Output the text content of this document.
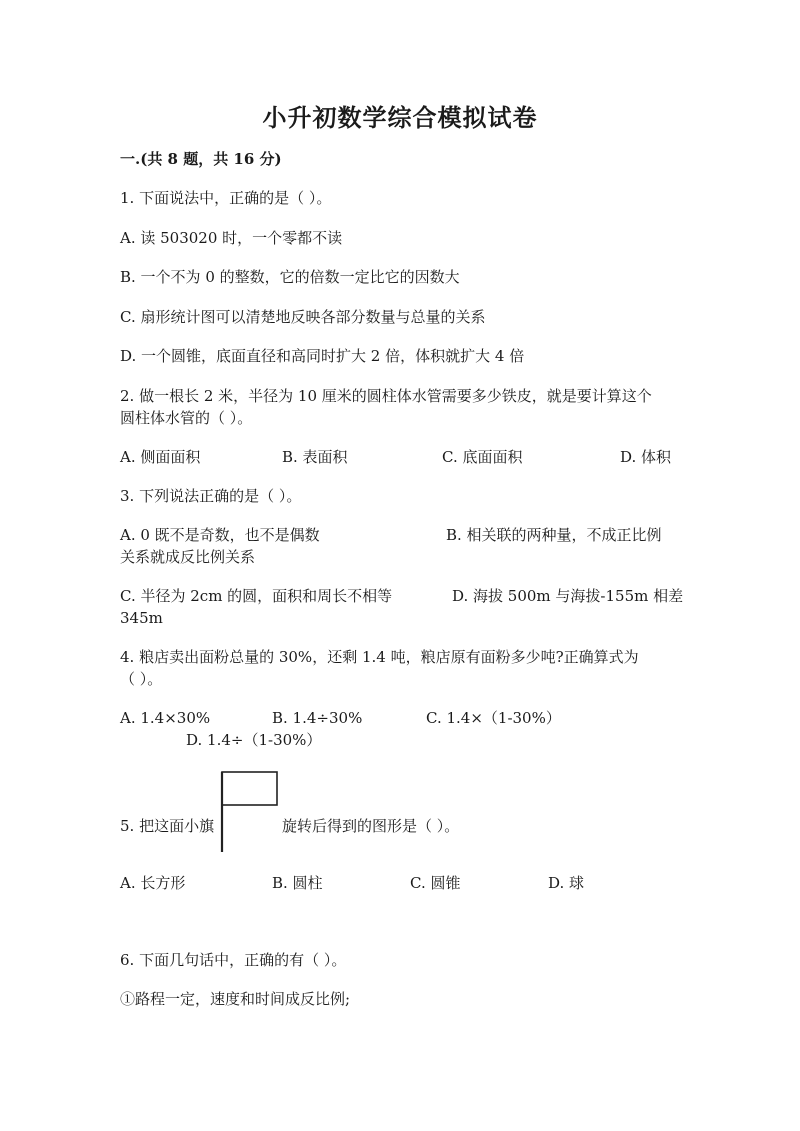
小升初数学综合模拟试卷
一.(共 8 题，共 16 分)
1. 下面说法中，正确的是（ ）。
A. 读 503020 时，一个零都不读
B. 一个不为 0 的整数，它的倍数一定比它的因数大
C. 扇形统计图可以清楚地反映各部分数量与总量的关系
D. 一个圆锥，底面直径和高同时扩大 2 倍，体积就扩大 4 倍
2. 做一根长 2 米，半径为 10 厘米的圆柱体水管需要多少铁皮，就是要计算这个
圆柱体水管的（ ）。
A. 侧面面积	B. 表面积	C. 底面面积	D. 体积
3. 下列说法正确的是（ ）。
A. 0 既不是奇数，也不是偶数	B. 相关联的两种量，不成正比例
关系就成反比例关系
C. 半径为 2cm 的圆，面积和周长不相等	D. 海拔 500m 与海拔-155m 相差
345m
4. 粮店卖出面粉总量的 30%，还剩 1.4 吨，粮店原有面粉多少吨?正确算式为
（ ）。
A. 1.4×30%	B. 1.4÷30%	C. 1.4×（1-30%）
D. 1.4÷（1-30%）
5. 把这面小旗	旋转后得到的图形是（ ）。
A. 长方形	B. 圆柱	C. 圆锥	D. 球
6. 下面几句话中，正确的有（ ）。
①路程一定，速度和时间成反比例;
